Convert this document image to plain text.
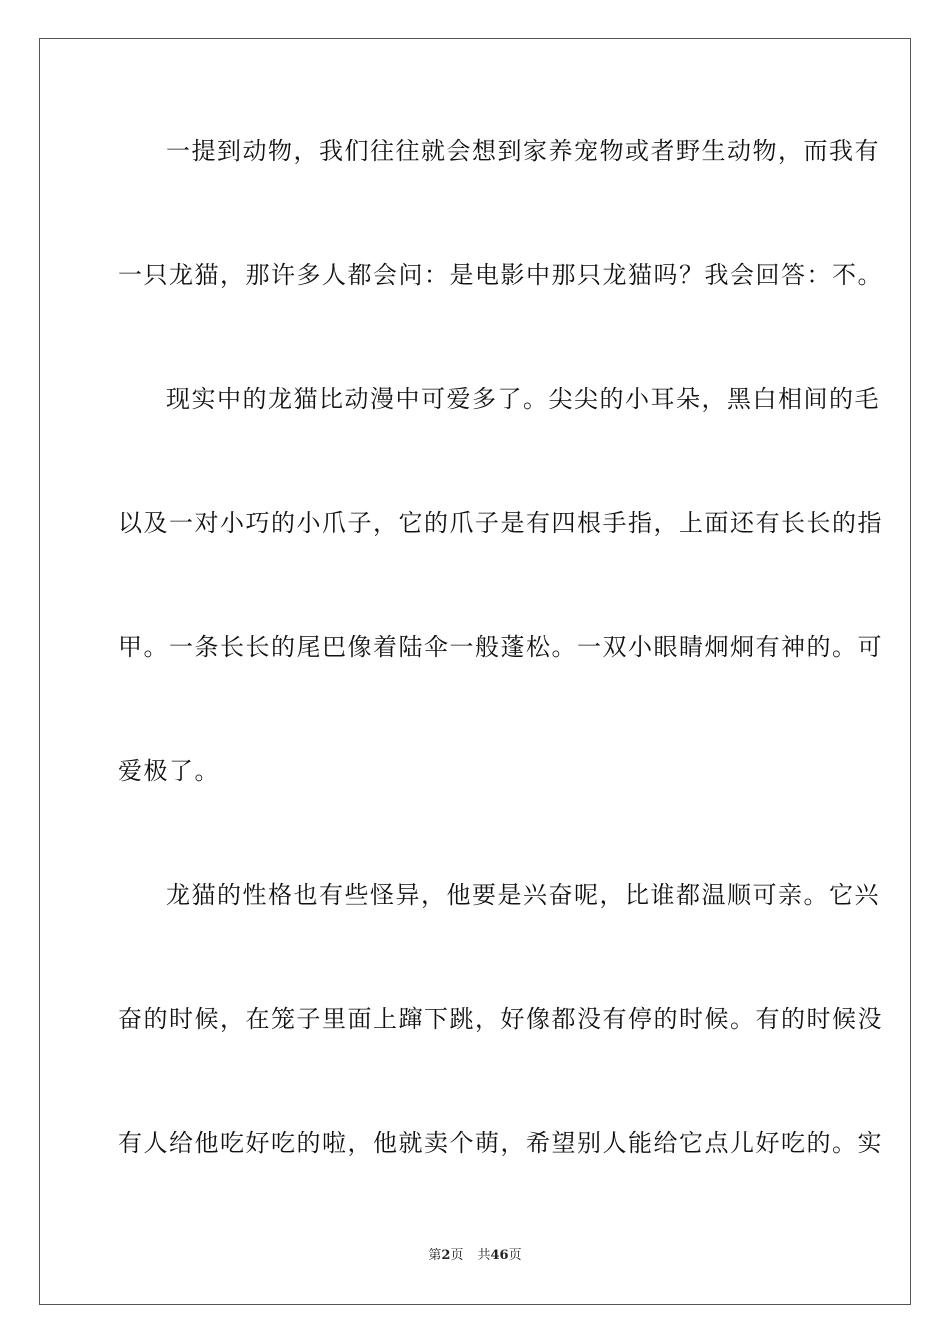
一提到动物，我们往往就会想到家养宠物或者野生动物，而我有
一只龙猫，那许多人都会问：是电影中那只龙猫吗？我会回答：不。
现实中的龙猫比动漫中可爱多了。尖尖的小耳朵，黑白相间的毛
以及一对小巧的小爪子，它的爪子是有四根手指，上面还有长长的指
甲。一条长长的尾巴像着陆伞一般蓬松。一双小眼睛炯炯有神的。可
爱极了。
龙猫的性格也有些怪异，他要是兴奋呢，比谁都温顺可亲。它兴
奋的时候，在笼子里面上蹿下跳，好像都没有停的时候。有的时候没
有人给他吃好吃的啦，他就卖个萌，希望别人能给它点儿好吃的。实
第2页 共46页
